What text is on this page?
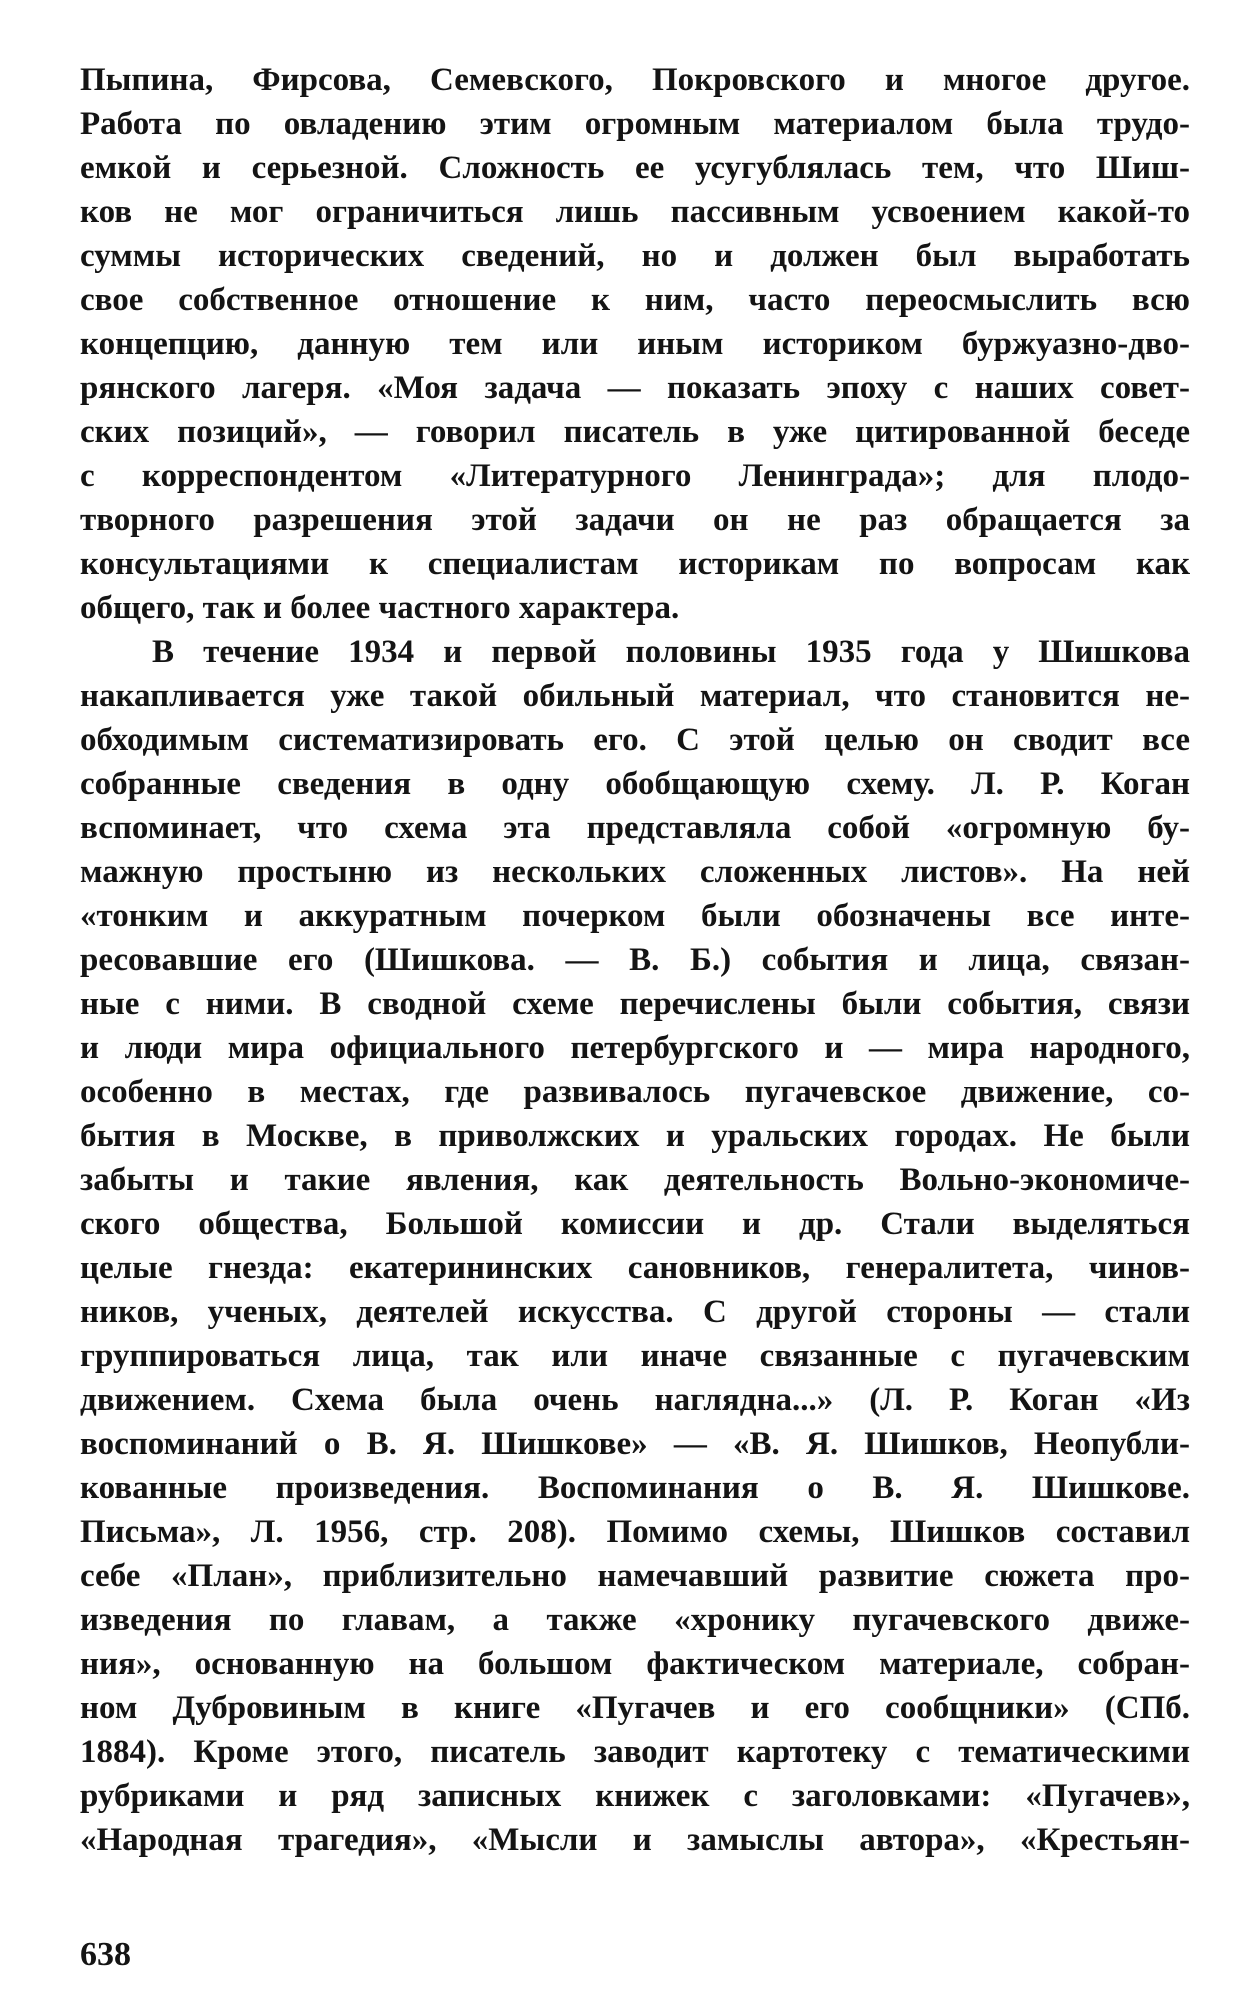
Пыпина, Фирсова, Семевского, Покровского и многое другое.
Работа по овладению этим огромным материалом была трудо-
емкой и серьезной. Сложность ее усугублялась тем, что Шиш-
ков не мог ограничиться лишь пассивным усвоением какой-то
суммы исторических сведений, но и должен был выработать
свое собственное отношение к ним, часто переосмыслить всю
концепцию, данную тем или иным историком буржуазно-дво-
рянского лагеря. «Моя задача — показать эпоху с наших совет-
ских позиций», — говорил писатель в уже цитированной беседе
с корреспондентом «Литературного Ленинграда»; для плодо-
творного разрешения этой задачи он не раз обращается за
консультациями к специалистам историкам по вопросам как
общего, так и более частного характера.

В течение 1934 и первой половины 1935 года у Шишкова
накапливается уже такой обильный материал, что становится не-
обходимым систематизировать его. С этой целью он сводит все
собранные сведения в одну обобщающую схему. Л. Р. Коган
вспоминает, что схема эта представляла собой «огромную бу-
мажную простыню из нескольких сложенных листов». На ней
«тонким и аккуратным почерком были обозначены все инте-
ресовавшие его (Шишкова. — В. Б.) события и лица, связан-
ные с ними. В сводной схеме перечислены были события, связи
и люди мира официального петербургского и — мира народного,
особенно в местах, где развивалось пугачевское движение, со-
бытия в Москве, в приволжских и уральских городах. Не были
забыты и такие явления, как деятельность Вольно-экономиче-
ского общества, Большой комиссии и др. Стали выделяться
целые гнезда: екатерининских сановников, генералитета, чинов-
ников, ученых, деятелей искусства. С другой стороны — стали
группироваться лица, так или иначе связанные с пугачевским
движением. Схема была очень наглядна...» (Л. Р. Коган «Из
воспоминаний о В. Я. Шишкове» — «В. Я. Шишков, Неопубли-
кованные произведения. Воспоминания о В. Я. Шишкове.
Письма», Л. 1956, стр. 208). Помимо схемы, Шишков составил
себе «План», приблизительно намечавший развитие сюжета про-
изведения по главам, а также «хронику пугачевского движе-
ния», основанную на большом фактическом материале, собран-
ном Дубровиным в книге «Пугачев и его сообщники» (СПб.
1884). Кроме этого, писатель заводит картотеку с тематическими
рубриками и ряд записных книжек с заголовками: «Пугачев»,
«Народная трагедия», «Мысли и замыслы автора», «Крестьян-

638
